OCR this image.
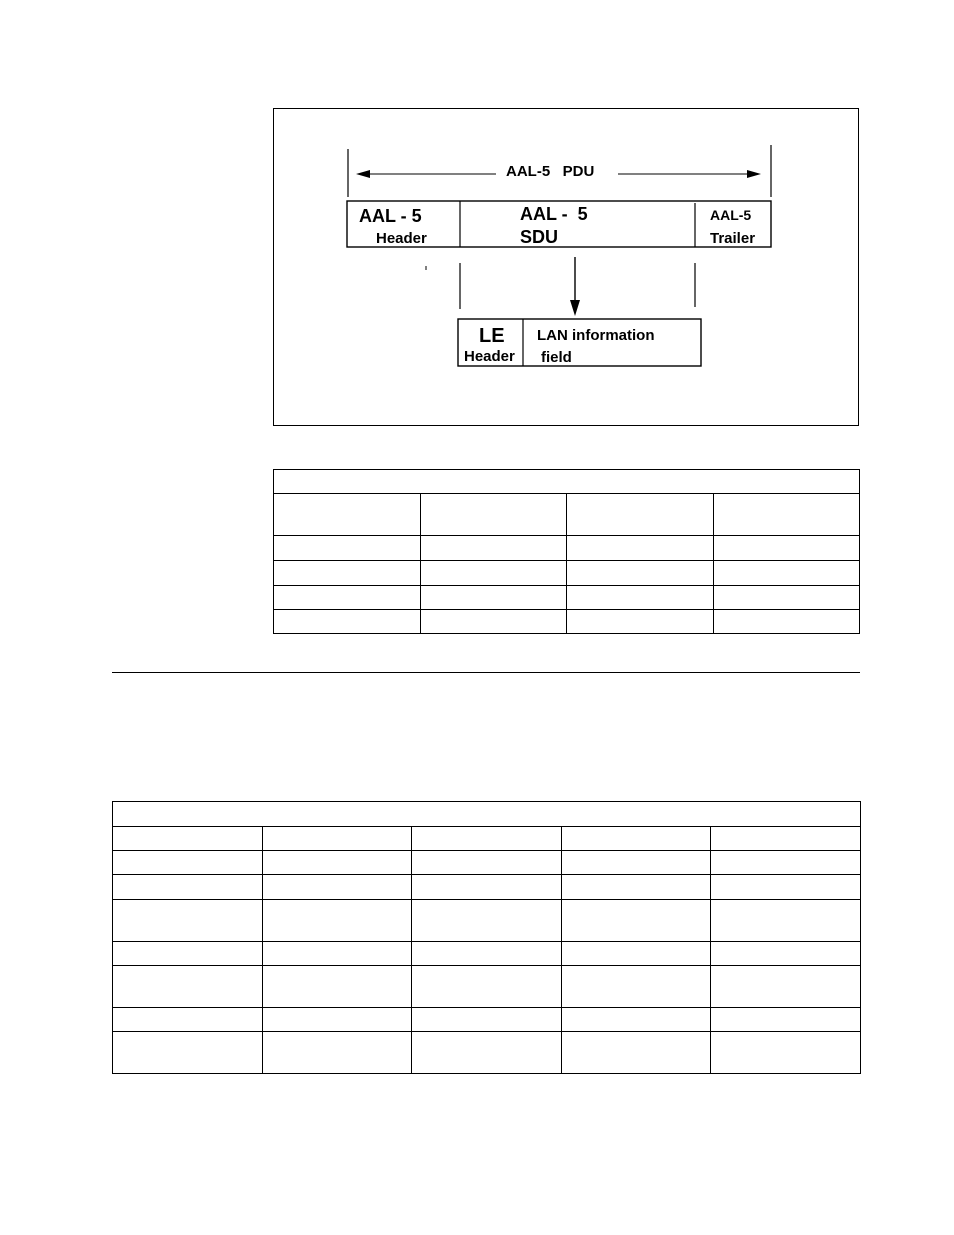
AAL-5   PDU
AAL - 5
Header
AAL -  5
SDU
AAL-5
Trailer
LE
Header
LAN information
field
